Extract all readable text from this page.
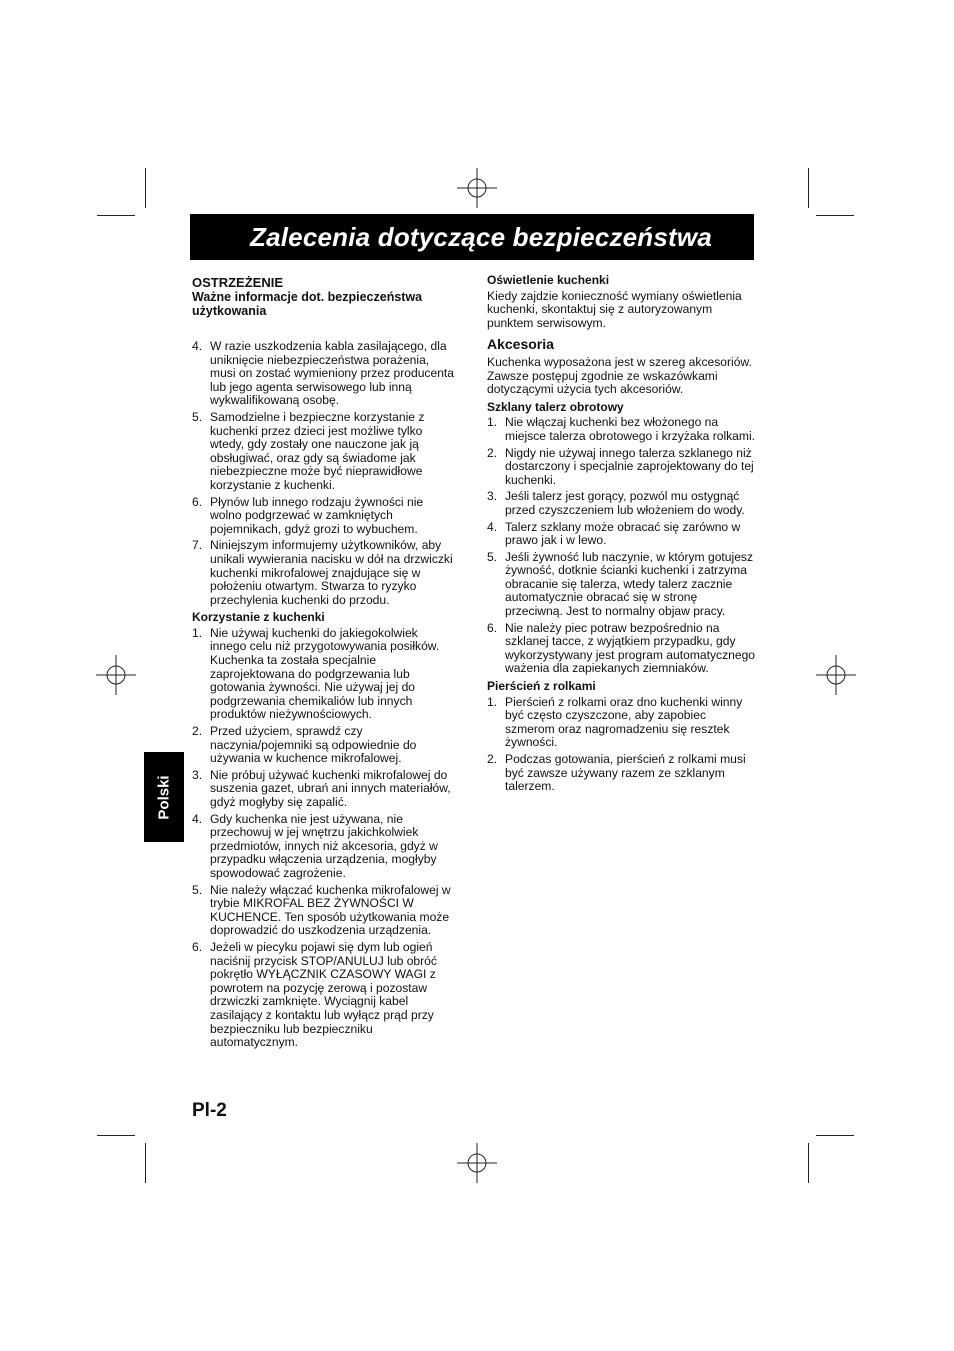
Zalecenia dotyczące bezpieczeństwa
Polski
OSTRZEŻENIE
Ważne informacje dot. bezpieczeństwa użytkowania
4. W razie uszkodzenia kabla zasilającego, dla uniknięcie niebezpieczeństwa porażenia, musi on zostać wymieniony przez producenta lub jego agenta serwisowego lub inną wykwalifikowaną osobę.
5. Samodzielne i bezpieczne korzystanie z kuchenki przez dzieci jest możliwe tylko wtedy, gdy zostały one nauczone jak ją obsługiwać, oraz gdy są świadome jak niebezpieczne może być nieprawidłowe korzystanie z kuchenki.
6. Płynów lub innego rodzaju żywności nie wolno podgrzewać w zamkniętych pojemnikach, gdyż grozi to wybuchem.
7. Niniejszym informujemy użytkowników, aby unikali wywierania nacisku w dół na drzwiczki kuchenki mikrofalowej znajdujące się w położeniu otwartym. Stwarza to ryzyko przechylenia kuchenki do przodu.
Korzystanie z kuchenki
1. Nie używaj kuchenki do jakiegokolwiek innego celu niż przygotowywania posiłków. Kuchenka ta została specjalnie zaprojektowana do podgrzewania lub gotowania żywności. Nie używaj jej do podgrzewania chemikaliów lub innych produktów nieżywnościowych.
2. Przed użyciem, sprawdź czy naczynia/pojemniki są odpowiednie do używania w kuchence mikrofalowej.
3. Nie próbuj używać kuchenki mikrofalowej do suszenia gazet, ubrań ani innych materiałów, gdyż mogłyby się zapalić.
4. Gdy kuchenka nie jest używana, nie przechowuj w jej wnętrzu jakichkolwiek przedmiotów, innych niż akcesoria, gdyż w przypadku włączenia urządzenia, mogłyby spowodować zagrożenie.
5. Nie należy włączać kuchenka mikrofalowej w trybie MIKROFAL BEZ ŻYWNOŚCI W KUCHENCE. Ten sposób użytkowania może doprowadzić do uszkodzenia urządzenia.
6. Jeżeli w piecyku pojawi się dym lub ogień naciśnij przycisk STOP/ANULUJ lub obróć pokrętło WYŁĄCZNIK CZASOWY WAGI z powrotem na pozycję zerową i pozostaw drzwiczki zamknięte. Wyciągnij kabel zasilający z kontaktu lub wyłącz prąd przy bezpieczniku lub bezpieczniku automatycznym.
Oświetlenie kuchenki

Kiedy zajdzie konieczność wymiany oświetlenia kuchenki, skontaktuj się z autoryzowanym punktem serwisowym.

Akcesoria

Kuchenka wyposażona jest w szereg akcesoriów. Zawsze postępuj zgodnie ze wskazówkami dotyczącymi użycia tych akcesoriów.

Szklany talerz obrotowy
1. Nie włączaj kuchenki bez włożonego na miejsce talerza obrotowego i krzyżaka rolkami.
2. Nigdy nie używaj innego talerza szklanego niż dostarczony i specjalnie zaprojektowany do tej kuchenki.
3. Jeśli talerz jest gorący, pozwól mu ostygnąć przed czyszczeniem lub włożeniem do wody.
4. Talerz szklany może obracać się zarówno w prawo jak i w lewo.
5. Jeśli żywność lub naczynie, w którym gotujesz żywność, dotknie ścianki kuchenki i zatrzyma obracanie się talerza, wtedy talerz zacznie automatycznie obracać się w stronę przeciwną. Jest to normalny objaw pracy.
6. Nie należy piec potraw bezpośrednio na szklanej tacce, z wyjątkiem przypadku, gdy wykorzystywany jest program automatycznego ważenia dla zapiekanych ziemniaków.
Pierścień z rolkami
1. Pierścień z rolkami oraz dno kuchenki winny być często czyszczone, aby zapobiec szmerom oraz nagromadzeniu się resztek żywności.
2. Podczas gotowania, pierścień z rolkami musi być zawsze używany razem ze szklanym talerzem.
Pl-2
